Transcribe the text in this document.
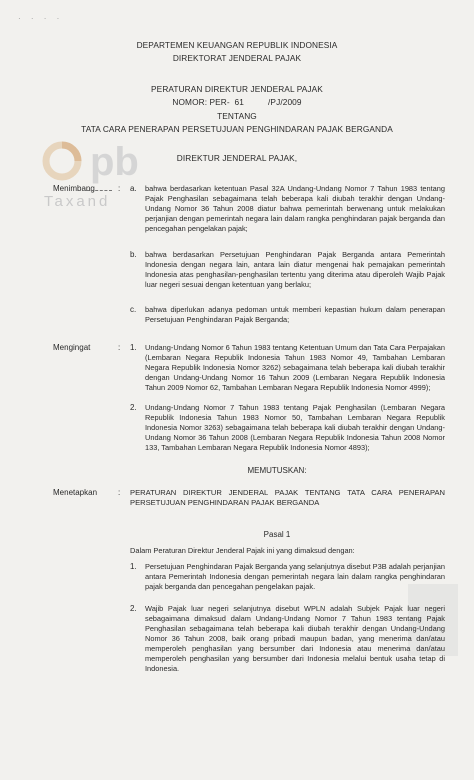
· · · ·
pb
Taxand
DEPARTEMEN KEUANGAN REPUBLIK INDONESIA
DIREKTORAT JENDERAL PAJAK
PERATURAN DIREKTUR JENDERAL PAJAK
NOMOR: PER-  61          /PJ/2009
TENTANG
TATA CARA PENERAPAN PERSETUJUAN PENGHINDARAN PAJAK BERGANDA
DIREKTUR JENDERAL PAJAK,
Menimbang	: a. bahwa berdasarkan ketentuan Pasal 32A Undang-Undang Nomor 7 Tahun 1983 tentang Pajak Penghasilan sebagaimana telah beberapa kali diubah terakhir dengan Undang-Undang Nomor 36 Tahun 2008 diatur bahwa pemerintah berwenang untuk melakukan perjanjian dengan pemerintah negara lain dalam rangka penghindaran pajak berganda dan pencegahan pengelakan pajak;
b. bahwa berdasarkan Persetujuan Penghindaran Pajak Berganda antara Pemerintah Indonesia dengan negara lain, antara lain diatur mengenai hak pemajakan pemerintah Indonesia atas penghasilan-penghasilan tertentu yang diterima atau diperoleh Wajib Pajak luar negeri sesuai dengan ketentuan yang berlaku;
c. bahwa diperlukan adanya pedoman untuk memberi kepastian hukum dalam penerapan Persetujuan Penghindaran Pajak Berganda;
Mengingat	: 1. Undang-Undang Nomor 6 Tahun 1983 tentang Ketentuan Umum dan Tata Cara Perpajakan (Lembaran Negara Republik Indonesia Tahun 1983 Nomor 49, Tambahan Lembaran Negara Republik Indonesia Nomor 3262) sebagaimana telah beberapa kali diubah terakhir dengan Undang-Undang Nomor 16 Tahun 2009 (Lembaran Negara Republik Indonesia Tahun 2009 Nomor 62, Tambahan Lembaran Negara Republik Indonesia Nomor 4999);
2. Undang-Undang Nomor 7 Tahun 1983 tentang Pajak Penghasilan (Lembaran Negara Republik Indonesia Tahun 1983 Nomor 50, Tambahan Lembaran Negara Republik Indonesia Nomor 3263) sebagaimana telah beberapa kali diubah terakhir dengan Undang-Undang Nomor 36 Tahun 2008 (Lembaran Negara Republik Indonesia Tahun 2008 Nomor 133, Tambahan Lembaran Negara Republik Indonesia Nomor 4893);
MEMUTUSKAN:
Menetapkan	: PERATURAN DIREKTUR JENDERAL PAJAK TENTANG TATA CARA PENERAPAN PERSETUJUAN PENGHINDARAN PAJAK BERGANDA
Pasal 1
Dalam Peraturan Direktur Jenderal Pajak ini yang dimaksud dengan:
1. Persetujuan Penghindaran Pajak Berganda yang selanjutnya disebut P3B adalah perjanjian antara Pemerintah Indonesia dengan pemerintah negara lain dalam rangka penghindaran pajak berganda dan pencegahan pengelakan pajak.
2. Wajib Pajak luar negeri selanjutnya disebut WPLN adalah Subjek Pajak luar negeri sebagaimana dimaksud dalam Undang-Undang Nomor 7 Tahun 1983 tentang Pajak Penghasilan sebagaimana telah beberapa kali diubah terakhir dengan Undang-Undang Nomor 36 Tahun 2008, baik orang pribadi maupun badan, yang menerima dan/atau memperoleh penghasilan yang bersumber dari Indonesia atau menerima dan/atau memperoleh penghasilan yang bersumber dari Indonesia melalui bentuk usaha tetap di Indonesia.
